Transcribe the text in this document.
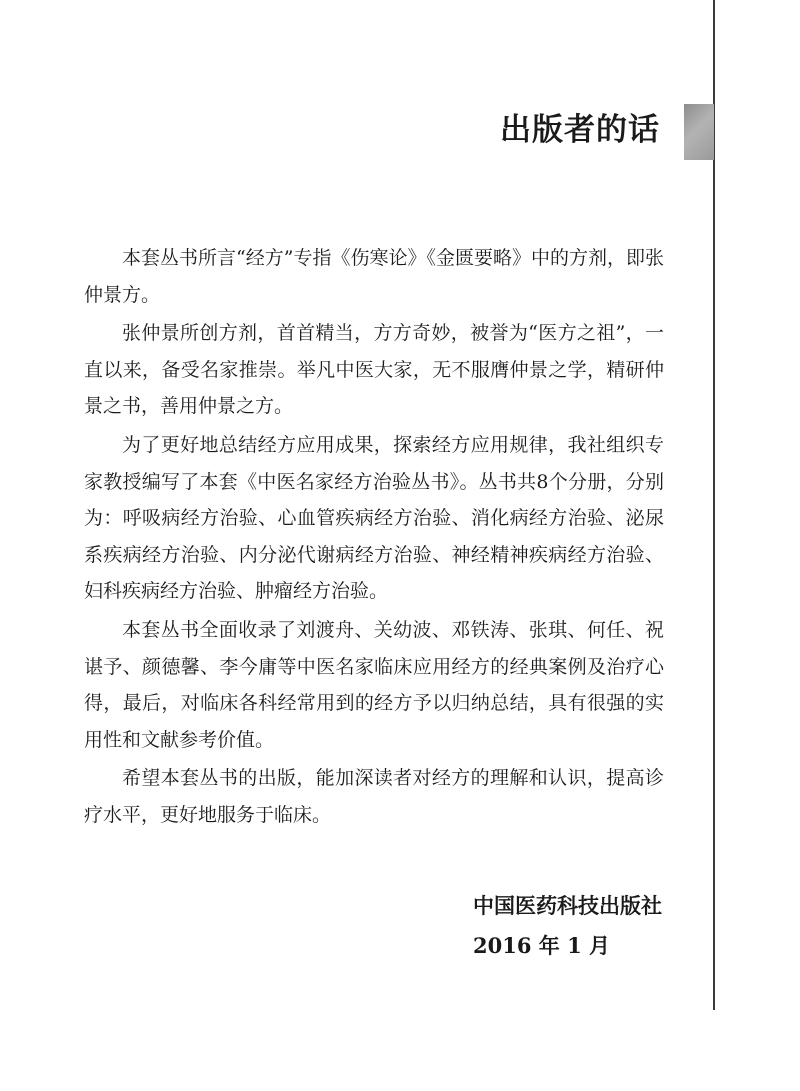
出版者的话

本套丛书所言“经方”专指《伤寒论》《金匮要略》中的方剂，即张仲景方。

张仲景所创方剂，首首精当，方方奇妙，被誉为“医方之祖”，一直以来，备受名家推崇。举凡中医大家，无不服膺仲景之学，精研仲景之书，善用仲景之方。

为了更好地总结经方应用成果，探索经方应用规律，我社组织专家教授编写了本套《中医名家经方治验丛书》。丛书共8个分册，分别为：呼吸病经方治验、心血管疾病经方治验、消化病经方治验、泌尿系疾病经方治验、内分泌代谢病经方治验、神经精神疾病经方治验、妇科疾病经方治验、肿瘤经方治验。

本套丛书全面收录了刘渡舟、关幼波、邓铁涛、张琪、何任、祝谌予、颜德馨、李今庸等中医名家临床应用经方的经典案例及治疗心得，最后，对临床各科经常用到的经方予以归纳总结，具有很强的实用性和文献参考价值。

希望本套丛书的出版，能加深读者对经方的理解和认识，提高诊疗水平，更好地服务于临床。

中国医药科技出版社
2016 年 1 月
